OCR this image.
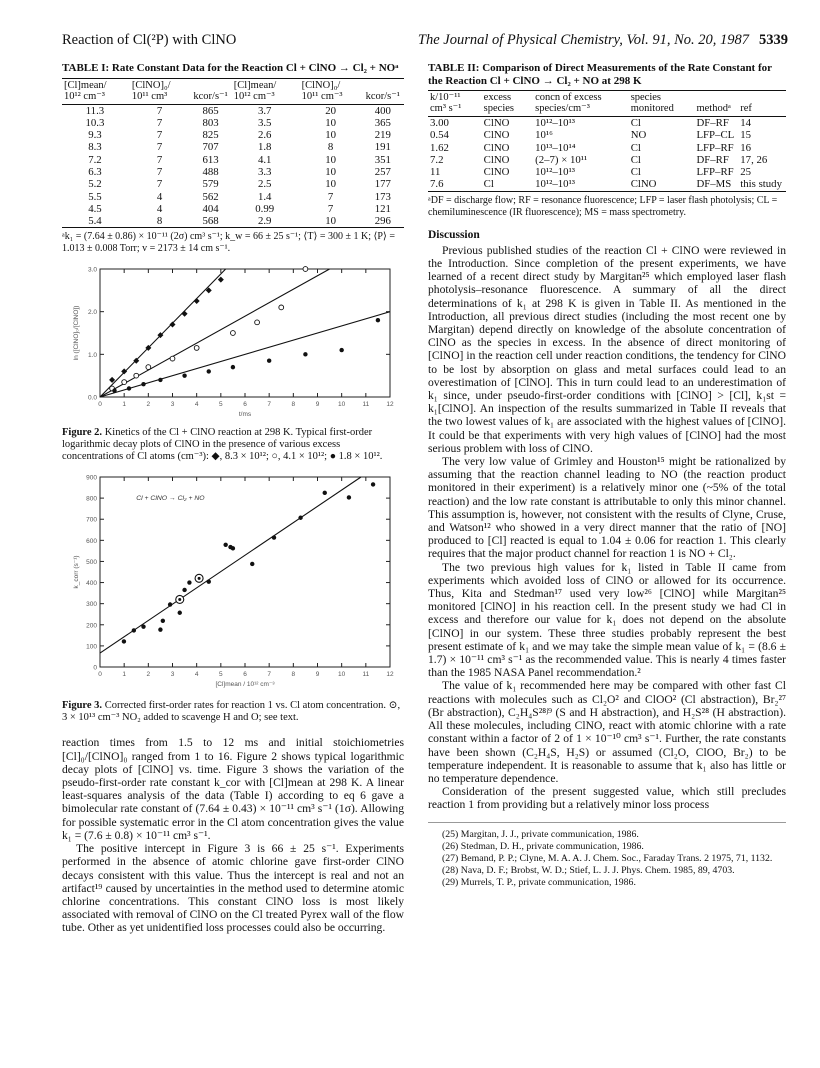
Reaction of Cl(²P) with ClNO	The Journal of Physical Chemistry, Vol. 91, No. 20, 1987 5339
TABLE I: Rate Constant Data for the Reaction Cl + ClNO → Cl₂ + NOᵃ
[Cl]mean/ 10¹² cm⁻³	[ClNO]₀/ 10¹¹ cm³	kcor/s⁻¹	[Cl]mean/ 10¹² cm⁻³	[ClNO]₀/ 10¹¹ cm⁻³	kcor/s⁻¹
11.3	7	865	3.7	20	400
10.3	7	803	3.5	10	365
9.3	7	825	2.6	10	219
8.3	7	707	1.8	8	191
7.2	7	613	4.1	10	351
6.3	7	488	3.3	10	257
5.2	7	579	2.5	10	177
5.5	4	562	1.4	7	173
4.5	4	404	0.99	7	121
5.4	8	568	2.9	10	296
ᵃk₁ = (7.64 ± 0.86) × 10⁻¹¹ (2σ) cm³ s⁻¹; k_w = 66 ± 25 s⁻¹; ⟨T⟩ = 300 ± 1 K; ⟨P⟩ = 1.013 ± 0.008 Torr; v = 2173 ± 14 cm s⁻¹.
0	1	2	3	4	5	6	7	8	9	10	11	12
0.0
1.0
2.0
3.0
t/ms
ln ([ClNO]₀/[ClNO])
Figure 2. Kinetics of the Cl + ClNO reaction at 298 K. Typical first-order logarithmic decay plots of ClNO in the presence of various excess concentrations of Cl atoms (cm⁻³): ◆, 8.3 × 10¹²; ○, 4.1 × 10¹²; ● 1.8 × 10¹².
0	1	2	3	4	5	6	7	8	9	10	11	12
0
100
200
300
400
500
600
700
800
900
[Cl]mean / 10¹² cm⁻³
k_corr (s⁻¹)
Cl + ClNO → Cl₂ + NO
Figure 3. Corrected first-order rates for reaction 1 vs. Cl atom concentration. ⊙, 3 × 10¹³ cm⁻³ NO₂ added to scavenge H and O; see text.

reaction times from 1.5 to 12 ms and initial stoichiometries [Cl]₀/[ClNO]₀ ranged from 1 to 16. Figure 2 shows typical logarithmic decay plots of [ClNO] vs. time. Figure 3 shows the variation of the pseudo-first-order rate constant k_cor with [Cl]mean at 298 K. A linear least-squares analysis of the data (Table I) according to eq 6 gave a bimolecular rate constant of (7.64 ± 0.43) × 10⁻¹¹ cm³ s⁻¹ (1σ). Allowing for possible systematic error in the Cl atom concentration gives the value k₁ = (7.6 ± 0.8) × 10⁻¹¹ cm³ s⁻¹.

The positive intercept in Figure 3 is 66 ± 25 s⁻¹. Experiments performed in the absence of atomic chlorine gave first-order ClNO decays consistent with this value. Thus the intercept is real and not an artifact¹⁹ caused by uncertainties in the method used to determine atomic chlorine concentrations. This constant ClNO loss is most likely associated with removal of ClNO on the Cl treated Pyrex wall of the flow tube. Other as yet unidentified loss processes could also be occurring.

TABLE II: Comparison of Direct Measurements of the Rate Constant for the Reaction Cl + ClNO → Cl₂ + NO at 298 K
k/10⁻¹¹ cm³ s⁻¹	excess species	concn of excess species/cm⁻³	species monitored	methodᵃ	ref
3.00	ClNO	10¹²–10¹³	Cl	DF–RF	14
0.54	ClNO	10¹⁶	NO	LFP–CL	15
1.62	ClNO	10¹³–10¹⁴	Cl	LFP–RF	16
7.2	ClNO	(2–7) × 10¹¹	Cl	DF–RF	17, 26
11	ClNO	10¹²–10¹³	Cl	LFP–RF	25
7.6	Cl	10¹²–10¹³	ClNO	DF–MS	this study
ᵃDF = discharge flow; RF = resonance fluorescence; LFP = laser flash photolysis; CL = chemiluminescence (IR fluorescence); MS = mass spectrometry.
Discussion

Previous published studies of the reaction Cl + ClNO were reviewed in the Introduction. Since completion of the present experiments, we have learned of a recent direct study by Margitan²⁵ which employed laser flash photolysis–resonance fluorescence. A summary of all the direct determinations of k₁ at 298 K is given in Table II. As mentioned in the Introduction, all previous direct studies (including the most recent one by Margitan) depend directly on knowledge of the absolute concentration of ClNO as the species in excess. In the absence of direct monitoring of [ClNO] in the reaction cell under reaction conditions, the tendency for ClNO to be lost by absorption on glass and metal surfaces could lead to an overestimation of [ClNO]. This in turn could lead to an underestimation of k₁ since, under pseudo-first-order conditions with [ClNO] > [Cl], k₁st = k₁[ClNO]. An inspection of the results summarized in Table II reveals that the two lowest values of k₁ are associated with the highest values of [ClNO]. It could be that experiments with very high values of [ClNO] had the most serious problem with loss of ClNO.

The very low value of Grimley and Houston¹⁵ might be rationalized by assuming that the reaction channel leading to NO (the reaction product monitored in their experiment) is a relatively minor one (~5% of the total reaction) and the low rate constant is attributable to only this minor channel. This assumption is, however, not consistent with the results of Clyne, Cruse, and Watson¹² who showed in a very direct manner that the ratio of [NO] produced to [Cl] reacted is equal to 1.04 ± 0.06 for reaction 1. This clearly requires that the major product channel for reaction 1 is NO + Cl₂.

The two previous high values for k₁ listed in Table II came from experiments which avoided loss of ClNO or allowed for its occurrence. Thus, Kita and Stedman¹⁷ used very low²⁶ [ClNO] while Margitan²⁵ monitored [ClNO] in his reaction cell. In the present study we had Cl in excess and therefore our value for k₁ does not depend on the absolute [ClNO] in our system. These three studies probably represent the best present estimate of k₁ and we may take the simple mean value of k₁ = (8.6 ± 1.7) × 10⁻¹¹ cm³ s⁻¹ as the recommended value. This is nearly 4 times faster than the 1985 NASA Panel recommendation.²

The value of k₁ recommended here may be compared with other fast Cl reactions with molecules such as Cl₂O² and ClOO² (Cl abstraction), Br₂²⁷ (Br abstraction), C₂H₄S²⁸ʲ⁹ (S and H abstraction), and H₂S²⁸ (H abstraction). All these molecules, including ClNO, react with atomic chlorine with a rate constant within a factor of 2 of 1 × 10⁻¹⁰ cm³ s⁻¹. Further, the rate constants have been shown (C₂H₄S, H₂S) or assumed (Cl₂O, ClOO, Br₂) to be temperature independent. It is reasonable to assume that k₁ also has little or no temperature dependence.

Consideration of the present suggested value, which still precludes reaction 1 from providing but a relatively minor loss process

(25) Margitan, J. J., private communication, 1986.
(26) Stedman, D. H., private communication, 1986.
(27) Bemand, P. P.; Clyne, M. A. A. J. Chem. Soc., Faraday Trans. 2 1975, 71, 1132.
(28) Nava, D. F.; Brobst, W. D.; Stief, L. J. J. Phys. Chem. 1985, 89, 4703.
(29) Murrels, T. P., private communication, 1986.
